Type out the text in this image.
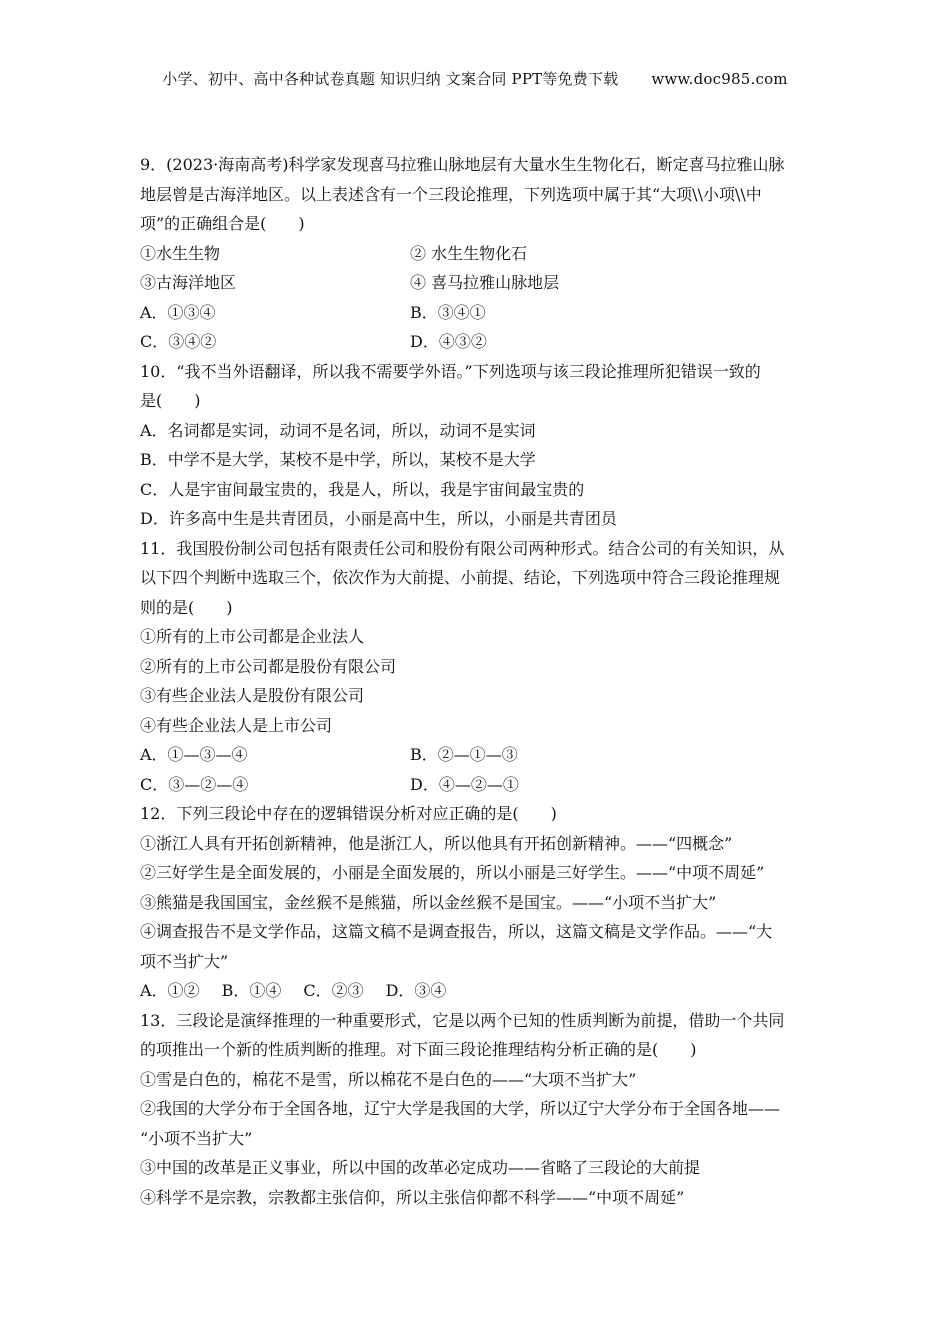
小学、初中、高中各种试卷真题 知识归纳 文案合同 PPT等免费下载 www.doc985.com

9．(2023·海南高考)科学家发现喜马拉雅山脉地层有大量水生生物化石，断定喜马拉雅山脉

地层曾是古海洋地区。以上表述含有一个三段论推理，下列选项中属于其“大项\\小项\\中

项”的正确组合是(　　)

①水生生物	② 水生生物化石
③古海洋地区	④ 喜马拉雅山脉地层
A．①③④	B．③④①
C．③④②	D．④③②

10．“我不当外语翻译，所以我不需要学外语。”下列选项与该三段论推理所犯错误一致的

是(　　)

A．名词都是实词，动词不是名词，所以，动词不是实词

B．中学不是大学，某校不是中学，所以，某校不是大学

C．人是宇宙间最宝贵的，我是人，所以，我是宇宙间最宝贵的

D．许多高中生是共青团员，小丽是高中生，所以，小丽是共青团员

11．我国股份制公司包括有限责任公司和股份有限公司两种形式。结合公司的有关知识，从

以下四个判断中选取三个，依次作为大前提、小前提、结论，下列选项中符合三段论推理规

则的是(　　)

①所有的上市公司都是企业法人

②所有的上市公司都是股份有限公司

③有些企业法人是股份有限公司

④有些企业法人是上市公司

A．①—③—④	B．②—①—③
C．③—②—④	D．④—②—①

12．下列三段论中存在的逻辑错误分析对应正确的是(　　)

①浙江人具有开拓创新精神，他是浙江人，所以他具有开拓创新精神。——“四概念”

②三好学生是全面发展的，小丽是全面发展的，所以小丽是三好学生。——“中项不周延”

③熊猫是我国国宝，金丝猴不是熊猫，所以金丝猴不是国宝。——“小项不当扩大”

④调查报告不是文学作品，这篇文稿不是调查报告，所以，这篇文稿是文学作品。——“大

项不当扩大”

A．①② B．①④ C．②③ D．③④

13．三段论是演绎推理的一种重要形式，它是以两个已知的性质判断为前提，借助一个共同

的项推出一个新的性质判断的推理。对下面三段论推理结构分析正确的是(　　)

①雪是白色的，棉花不是雪，所以棉花不是白色的——“大项不当扩大”

②我国的大学分布于全国各地，辽宁大学是我国的大学，所以辽宁大学分布于全国各地——

“小项不当扩大”

③中国的改革是正义事业，所以中国的改革必定成功——省略了三段论的大前提

④科学不是宗教，宗教都主张信仰，所以主张信仰都不科学——“中项不周延”
